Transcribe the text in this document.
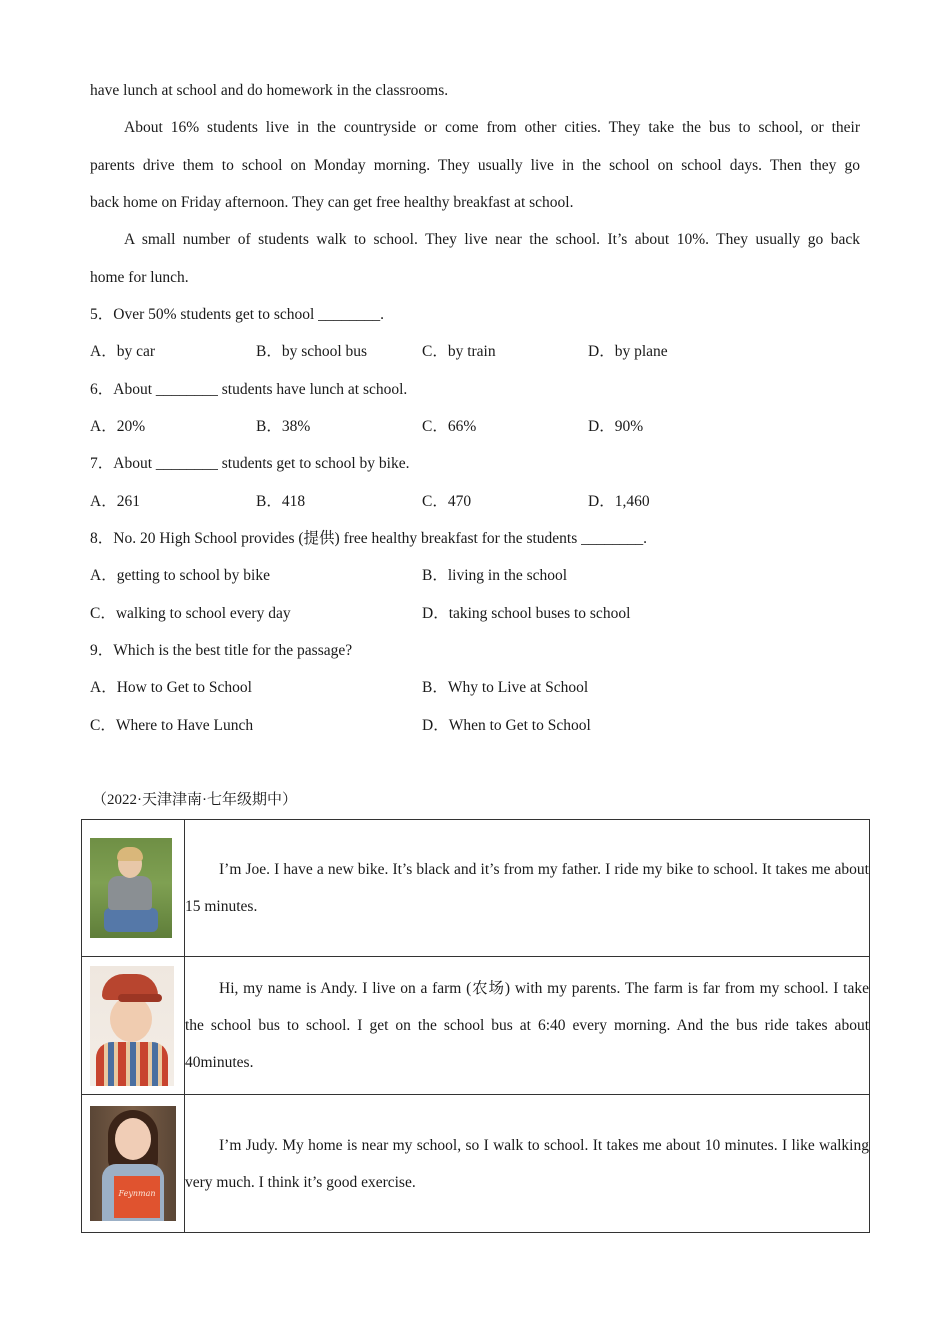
have lunch at school and do homework in the classrooms.
About 16% students live in the countryside or come from other cities. They take the bus to school, or their
parents drive them to school on Monday morning. They usually live in the school on school days. Then they go
back home on Friday afternoon. They can get free healthy breakfast at school.
A small number of students walk to school. They live near the school. It’s about 10%. They usually go back
home for lunch.
5．Over 50% students get to school ________.
A．by car	B．by school bus	C．by train	D．by plane
6．About ________ students have lunch at school.
A．20%	B．38%	C．66%	D．90%
7．About ________ students get to school by bike.
A．261	B．418	C．470	D．1,460
8．No. 20 High School provides (提供) free healthy breakfast for the students ________.
A．getting to school by bike	B．living in the school
C．walking to school every day	D．taking school buses to school
9．Which is the best title for the passage?
A．How to Get to School	B．Why to Live at School
C．Where to Have Lunch	D．When to Get to School
（2022·天津津南·七年级期中）

	I’m Joe. I have a new bike. It’s black and it’s from my father. I ride my bike to school. It takes me about 15 minutes.

	Hi, my name is Andy. I live on a farm (农场) with my parents. The farm is far from my school. I take the school bus to school. I get on the school bus at 6:40 every morning. And the bus ride takes about 40minutes.

Feynman	I’m Judy. My home is near my school, so I walk to school. It takes me about 10 minutes. I like walking very much. I think it’s good exercise.
